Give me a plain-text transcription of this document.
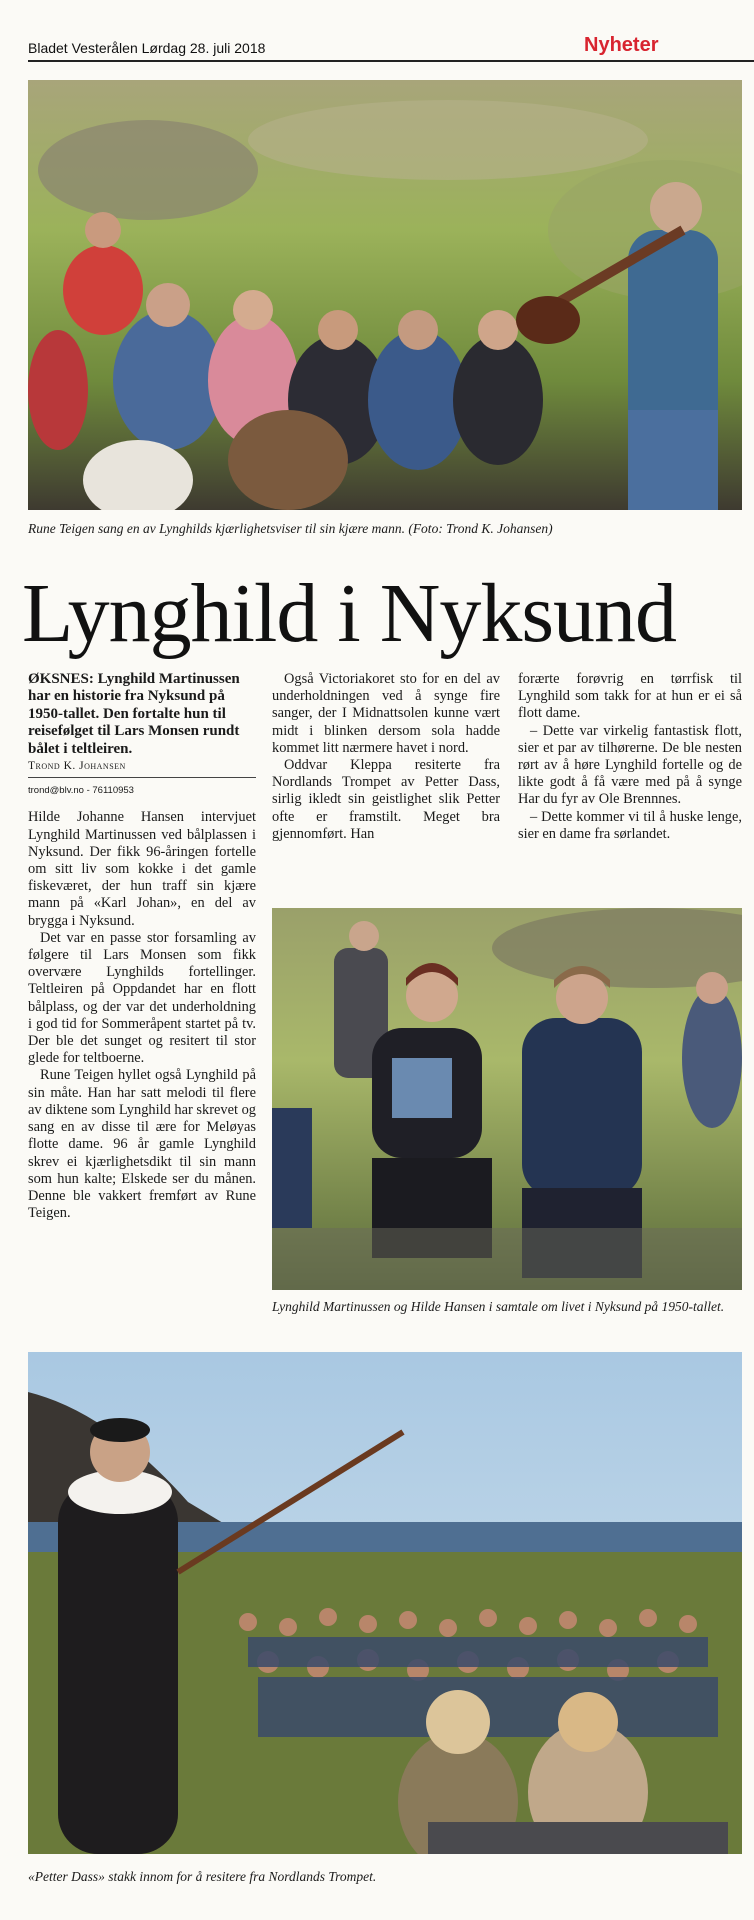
Bladet Vesterålen Lørdag 28. juli 2018	Nyheter
Rune Teigen sang en av Lynghilds kjærlighetsviser til sin kjære mann. (Foto: Trond K. Johansen)
Lynghild i Nyksund

ØKSNES: Lynghild Martinussen har en historie fra Nyksund på 1950-tallet. Den fortalte hun til reisefølget til Lars Monsen rundt bålet i teltleiren.

Trond K. Johansen
trond@blv.no - 76110953

Hilde Johanne Hansen intervjuet Lynghild Martinussen ved bålplassen i Nyksund. Der fikk 96-åringen fortelle om sitt liv som kokke i det gamle fiskeværet, der hun traff sin kjære mann på «Karl Johan», en del av brygga i Nyksund.

Det var en passe stor forsamling av følgere til Lars Monsen som fikk overvære Lynghilds fortellinger. Teltleiren på Oppdandet har en flott bålplass, og der var det underholdning i god tid for Sommeråpent startet på tv. Der ble det sunget og resitert til stor glede for teltboerne.

Rune Teigen hyllet også Lynghild på sin måte. Han har satt melodi til flere av diktene som Lynghild har skrevet og sang en av disse til ære for Meløyas flotte dame. 96 år gamle Lynghild skrev ei kjærlighetsdikt til sin mann som hun kalte; Elskede ser du månen. Denne ble vakkert fremført av Rune Teigen.

Også Victoriakoret sto for en del av underholdningen ved å synge fire sanger, der I Midnattsolen kunne vært midt i blinken dersom sola hadde kommet litt nærmere havet i nord.

Oddvar Kleppa resiterte fra Nordlands Trompet av Petter Dass, sirlig ikledt sin geistlighet slik Petter ofte er framstilt. Meget bra gjennomført. Han

forærte forøvrig en tørrfisk til Lynghild som takk for at hun er ei så flott dame.

– Dette var virkelig fantastisk flott, sier et par av tilhørerne. De ble nesten rørt av å høre Lynghild fortelle og de likte godt å få være med på å synge Har du fyr av Ole Brennnes.

– Dette kommer vi til å huske lenge, sier en dame fra sørlandet.

Lynghild Martinussen og Hilde Hansen i samtale om livet i Nyksund på 1950-tallet.
«Petter Dass» stakk innom for å resitere fra Nordlands Trompet.
